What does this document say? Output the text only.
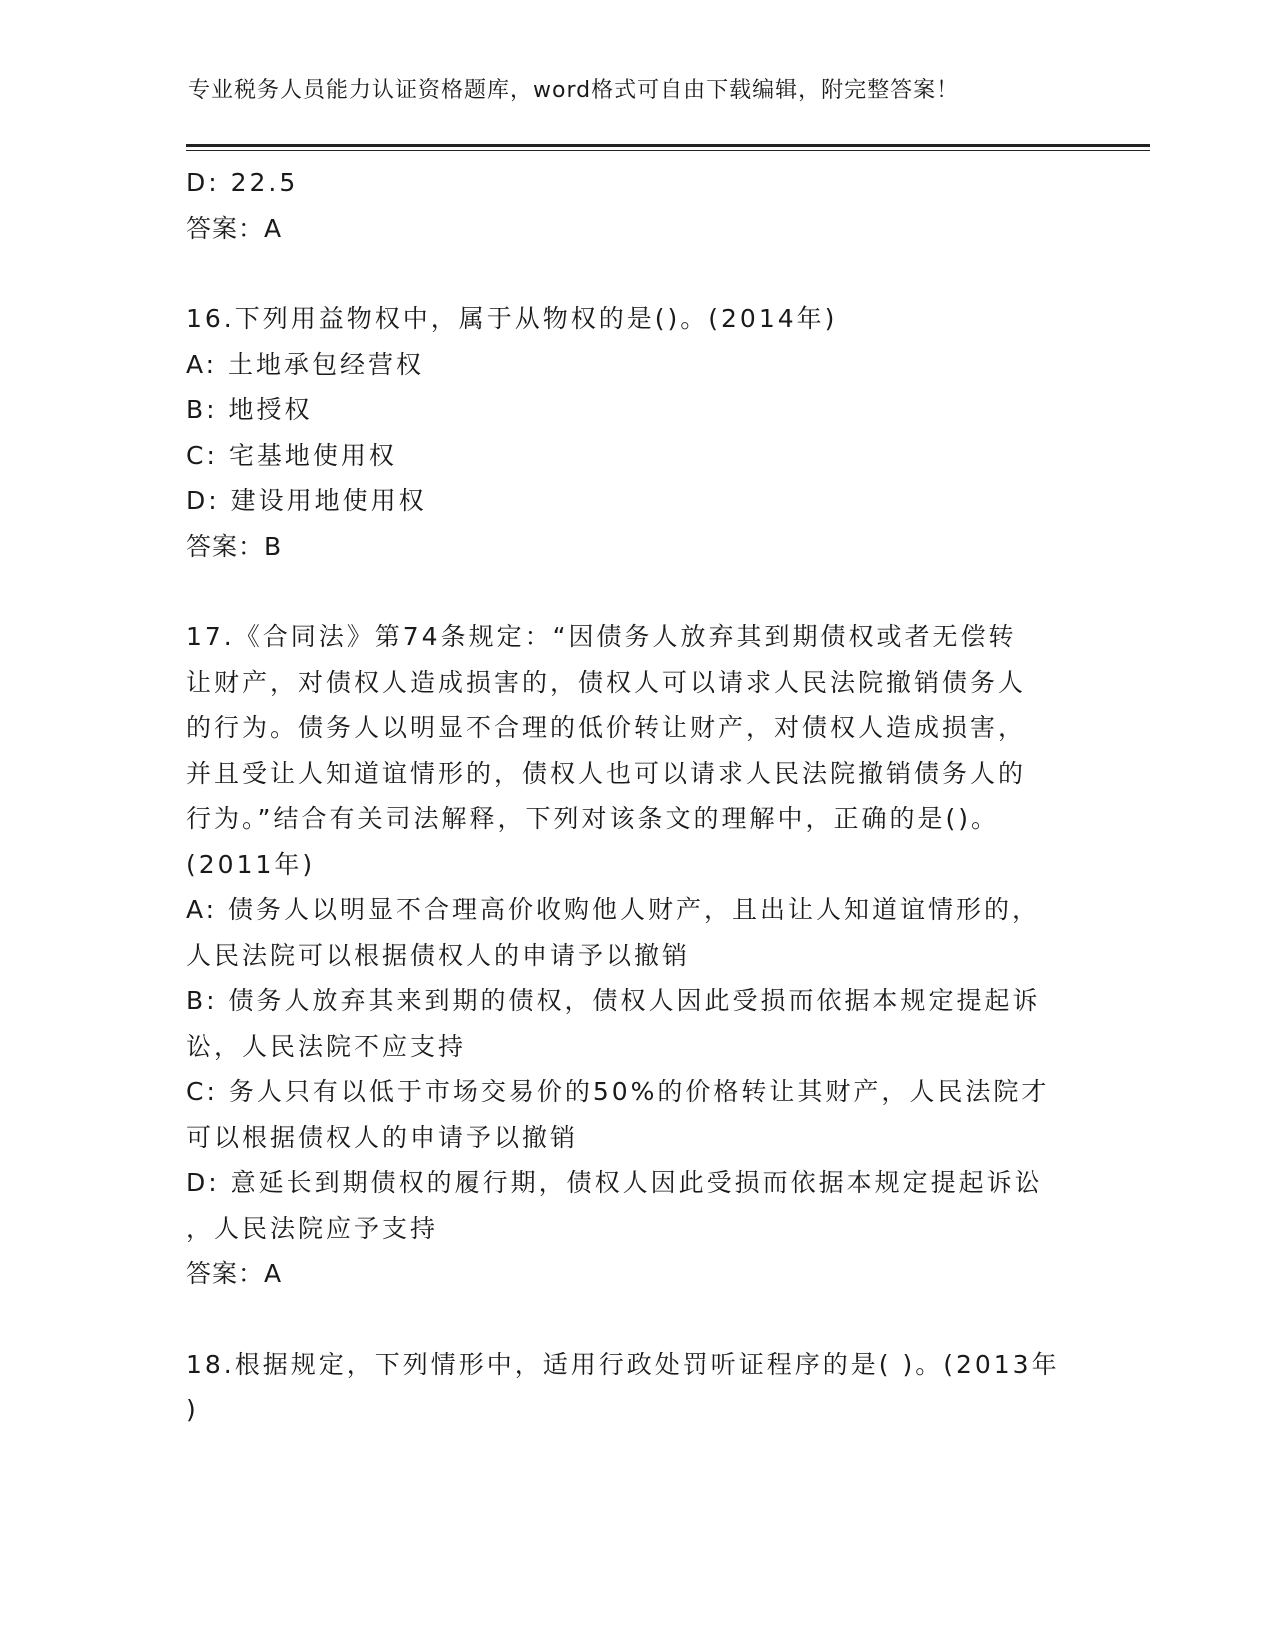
专业税务人员能力认证资格题库，word格式可自由下载编辑，附完整答案！
D: 22.5
答案：A
16.下列用益物权中，属于从物权的是()。(2014年)
A: 土地承包经营权
B: 地授权
C: 宅基地使用权
D: 建设用地使用权
答案：B
17.《合同法》第74条规定：“因债务人放弃其到期债权或者无偿转
让财产，对债权人造成损害的，债权人可以请求人民法院撤销债务人
的行为。债务人以明显不合理的低价转让财产，对债权人造成损害，
并且受让人知道谊情形的，债权人也可以请求人民法院撤销债务人的
行为。”结合有关司法解释，下列对该条文的理解中，正确的是()。
(2011年)
A: 债务人以明显不合理高价收购他人财产，且出让人知道谊情形的，
人民法院可以根据债权人的申请予以撤销
B: 债务人放弃其来到期的债权，债权人因此受损而依据本规定提起诉
讼，人民法院不应支持
C: 务人只有以低于市场交易价的50%的价格转让其财产，人民法院才
可以根据债权人的申请予以撤销
D: 意延长到期债权的履行期，债权人因此受损而依据本规定提起诉讼
，人民法院应予支持
答案：A
18.根据规定，下列情形中，适用行政处罚听证程序的是( )。(2013年
)
